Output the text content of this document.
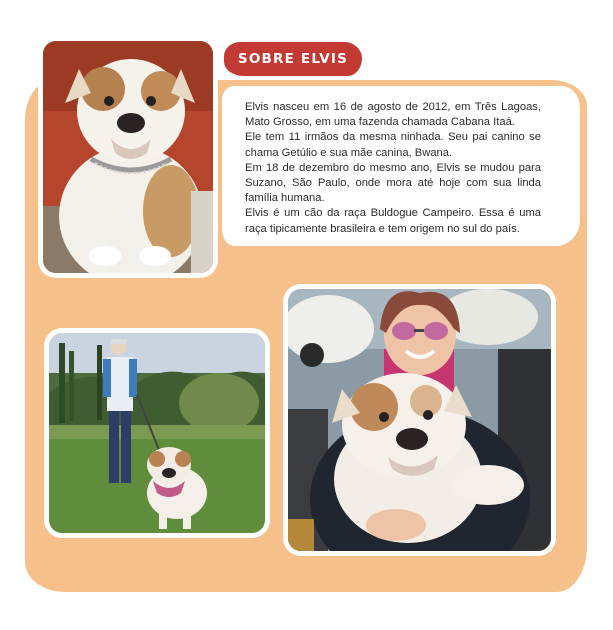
SOBRE ELVIS

Elvis nasceu em 16 de agosto de 2012, em Três Lagoas, Mato Grosso, em uma fazenda chamada Cabana Itaá.

Ele tem 11 irmãos da mesma ninhada. Seu pai canino se chama Getúlio e sua mãe canina, Bwana.

Em 18 de dezembro do mesmo ano, Elvis se mudou para Suzano, São Paulo, onde mora até hoje com sua linda família humana.

Elvis é um cão da raça Buldogue Campeiro. Essa é uma raça tipicamente brasileira e tem origem no sul do país.
